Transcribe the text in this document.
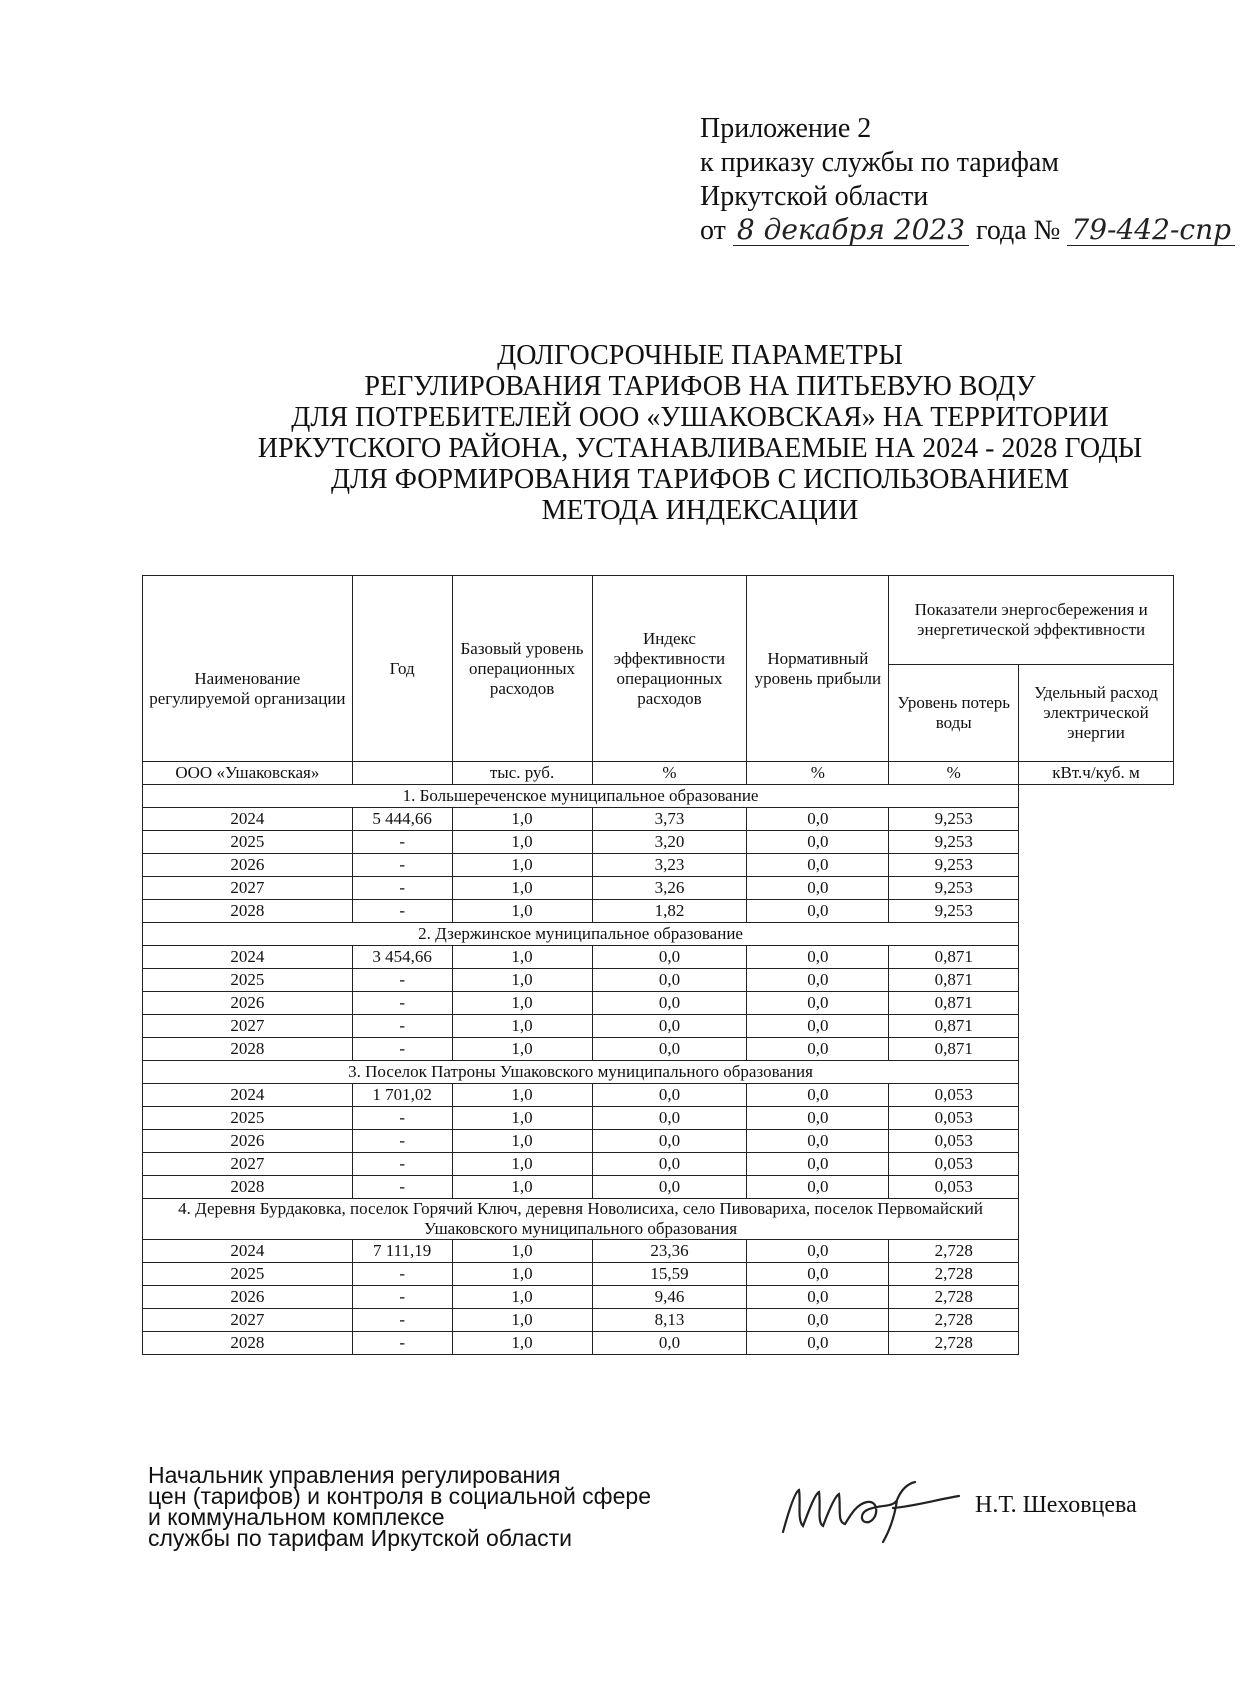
Приложение 2
к приказу службы по тарифам
Иркутской области
от 8 декабря 2023 года № 79-442-спр
ДОЛГОСРОЧНЫЕ ПАРАМЕТРЫ
РЕГУЛИРОВАНИЯ ТАРИФОВ НА ПИТЬЕВУЮ ВОДУ
ДЛЯ ПОТРЕБИТЕЛЕЙ ООО «УШАКОВСКАЯ» НА ТЕРРИТОРИИ
ИРКУТСКОГО РАЙОНА, УСТАНАВЛИВАЕМЫЕ НА 2024 - 2028 ГОДЫ
ДЛЯ ФОРМИРОВАНИЯ ТАРИФОВ С ИСПОЛЬЗОВАНИЕМ
МЕТОДА ИНДЕКСАЦИИ
Наименование регулируемой организации	Год	Базовый уровень операционных расходов	Индекс эффективности операционных расходов	Нормативный уровень прибыли	Показатели энергосбережения и энергетической эффективности	
					Уровень потерь воды	Удельный расход электрической энергии
ООО «Ушаковская»		тыс. руб.	%	%	%	кВт.ч/куб. м
1. Большереченское муниципальное образование						
2024	5 444,66	1,0	3,73	0,0	9,253	
2025	-	1,0	3,20	0,0	9,253	
2026	-	1,0	3,23	0,0	9,253	
2027	-	1,0	3,26	0,0	9,253	
2028	-	1,0	1,82	0,0	9,253	
2. Дзержинское муниципальное образование						
2024	3 454,66	1,0	0,0	0,0	0,871	
2025	-	1,0	0,0	0,0	0,871	
2026	-	1,0	0,0	0,0	0,871	
2027	-	1,0	0,0	0,0	0,871	
2028	-	1,0	0,0	0,0	0,871	
3. Поселок Патроны Ушаковского муниципального образования						
2024	1 701,02	1,0	0,0	0,0	0,053	
2025	-	1,0	0,0	0,0	0,053	
2026	-	1,0	0,0	0,0	0,053	
2027	-	1,0	0,0	0,0	0,053	
2028	-	1,0	0,0	0,0	0,053	
4. Деревня Бурдаковка, поселок Горячий Ключ, деревня Новолисиха, село Пивовариха, поселок Первомайский Ушаковского муниципального образования						
2024	7 111,19	1,0	23,36	0,0	2,728	
2025	-	1,0	15,59	0,0	2,728	
2026	-	1,0	9,46	0,0	2,728	
2027	-	1,0	8,13	0,0	2,728	
2028	-	1,0	0,0	0,0	2,728	
Начальник управления регулирования
цен (тарифов) и контроля в социальной сфере
и коммунальном комплексе
службы по тарифам Иркутской области
Н.Т. Шеховцева
